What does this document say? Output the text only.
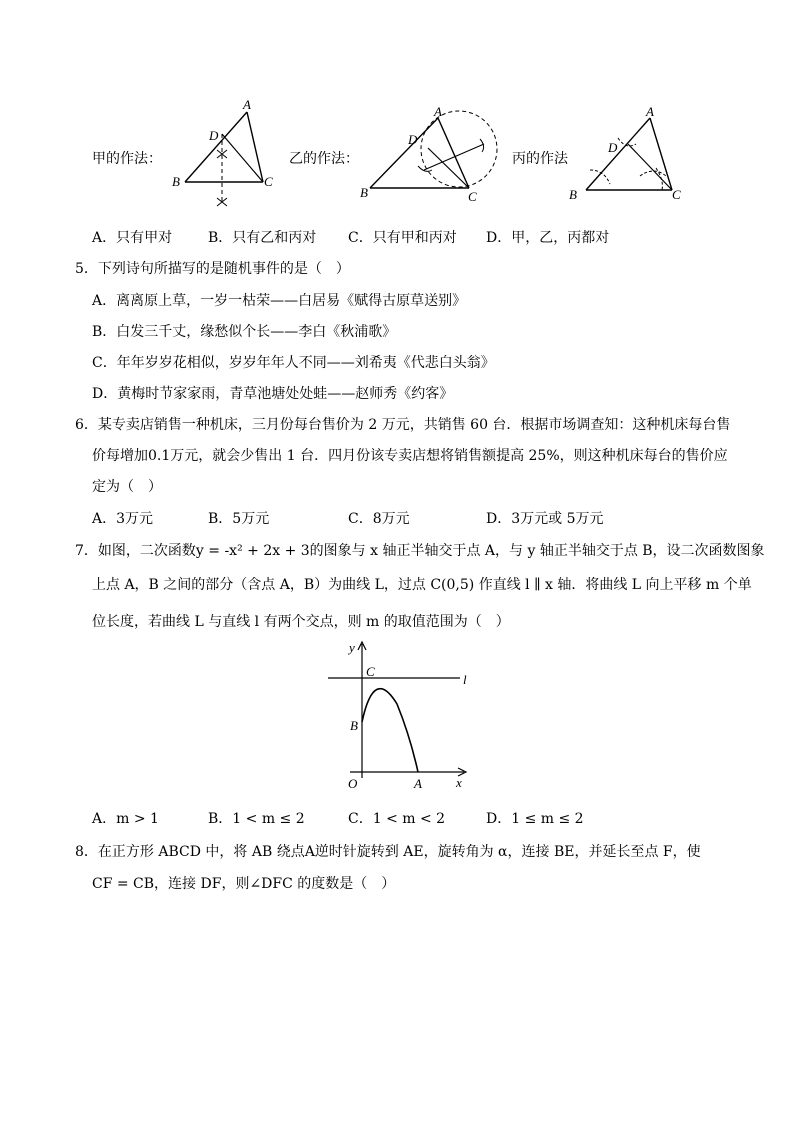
甲的作法：
A
D
B	C
乙的作法：
A
D
B	C
丙的作法
A
D
B	C
A．只有甲对	B．只有乙和丙对 C．只有甲和丙对 D．甲，乙，丙都对
5．下列诗句所描写的是随机事件的是（　）
A．离离原上草，一岁一枯荣——白居易《赋得古原草送别》
B．白发三千丈，缘愁似个长——李白《秋浦歌》
C．年年岁岁花相似，岁岁年年人不同——刘希夷《代悲白头翁》
D．黄梅时节家家雨，青草池塘处处蛙——赵师秀《约客》
6．某专卖店销售一种机床，三月份每台售价为 2 万元，共销售 60 台．根据市场调查知：这种机床每台售
价每增加0.1万元，就会少售出 1 台．四月份该专卖店想将销售额提高 25%，则这种机床每台的售价应
定为（　）
A．3万元	B．5万元	C．8万元	D．3万元或 5万元
7．如图，二次函数y = -x² + 2x + 3的图象与 x 轴正半轴交于点 A，与 y 轴正半轴交于点 B，设二次函数图象
上点 A，B 之间的部分（含点 A，B）为曲线 L，过点 C(0,5) 作直线 l ∥ x 轴．将曲线 L 向上平移 m 个单
位长度，若曲线 L 与直线 l 有两个交点，则 m 的取值范围为（　）
y
C
l
B
O	A	x
A．m > 1	B．1 < m ≤ 2	C．1 < m < 2	D．1 ≤ m ≤ 2
8．在正方形 ABCD 中，将 AB 绕点A逆时针旋转到 AE，旋转角为 α，连接 BE，并延长至点 F，使
CF = CB，连接 DF，则∠DFC 的度数是（　）
